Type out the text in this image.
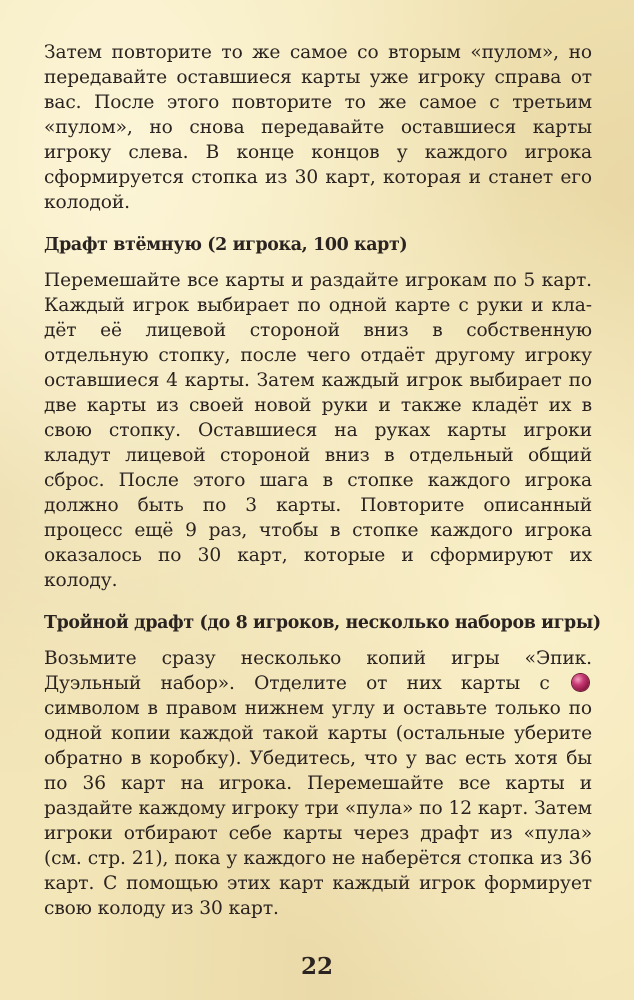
Затем повторите то же самое со вторым «пулом», но передавайте оставшиеся карты уже игроку справа от вас. После этого повторите то же самое с третьим «пулом», но снова передавайте оставшиеся карты игроку слева. В конце концов у каждого игрока сформируется стопка из 30 карт, которая и станет его колодой.

Драфт втёмную (2 игрока, 100 карт)

Перемешайте все карты и раздайте игрокам по 5 карт. Каждый игрок выбирает по одной карте с руки и кладёт её лицевой стороной вниз в собственную отдельную стопку, после чего отдаёт другому игроку оставшиеся 4 карты. Затем каждый игрок выбирает по две карты из своей новой руки и также кладёт их в свою стопку. Оставшиеся на руках карты игроки кладут лицевой стороной вниз в отдельный общий сброс. После этого шага в стопке каждого игрока должно быть по 3 карты. Повторите описанный процесс ещё 9 раз, чтобы в стопке каждого игрока оказалось по 30 карт, которые и сформируют их колоду.

Тройной драфт (до 8 игроков, несколько наборов игры)

Возьмите сразу несколько копий игры «Эпик. Дуэльный набор». Отделите от них карты с  символом в правом нижнем углу и оставьте только по одной копии каждой такой карты (остальные уберите обратно в коробку). Убедитесь, что у вас есть хотя бы по 36 карт на игрока. Перемешайте все карты и раздайте каждому игроку три «пула» по 12 карт. Затем игроки отбирают себе карты через драфт из «пула» (см. стр. 21), пока у каждого не наберётся стопка из 36 карт. С помощью этих карт каждый игрок формирует свою колоду из 30 карт.

22
